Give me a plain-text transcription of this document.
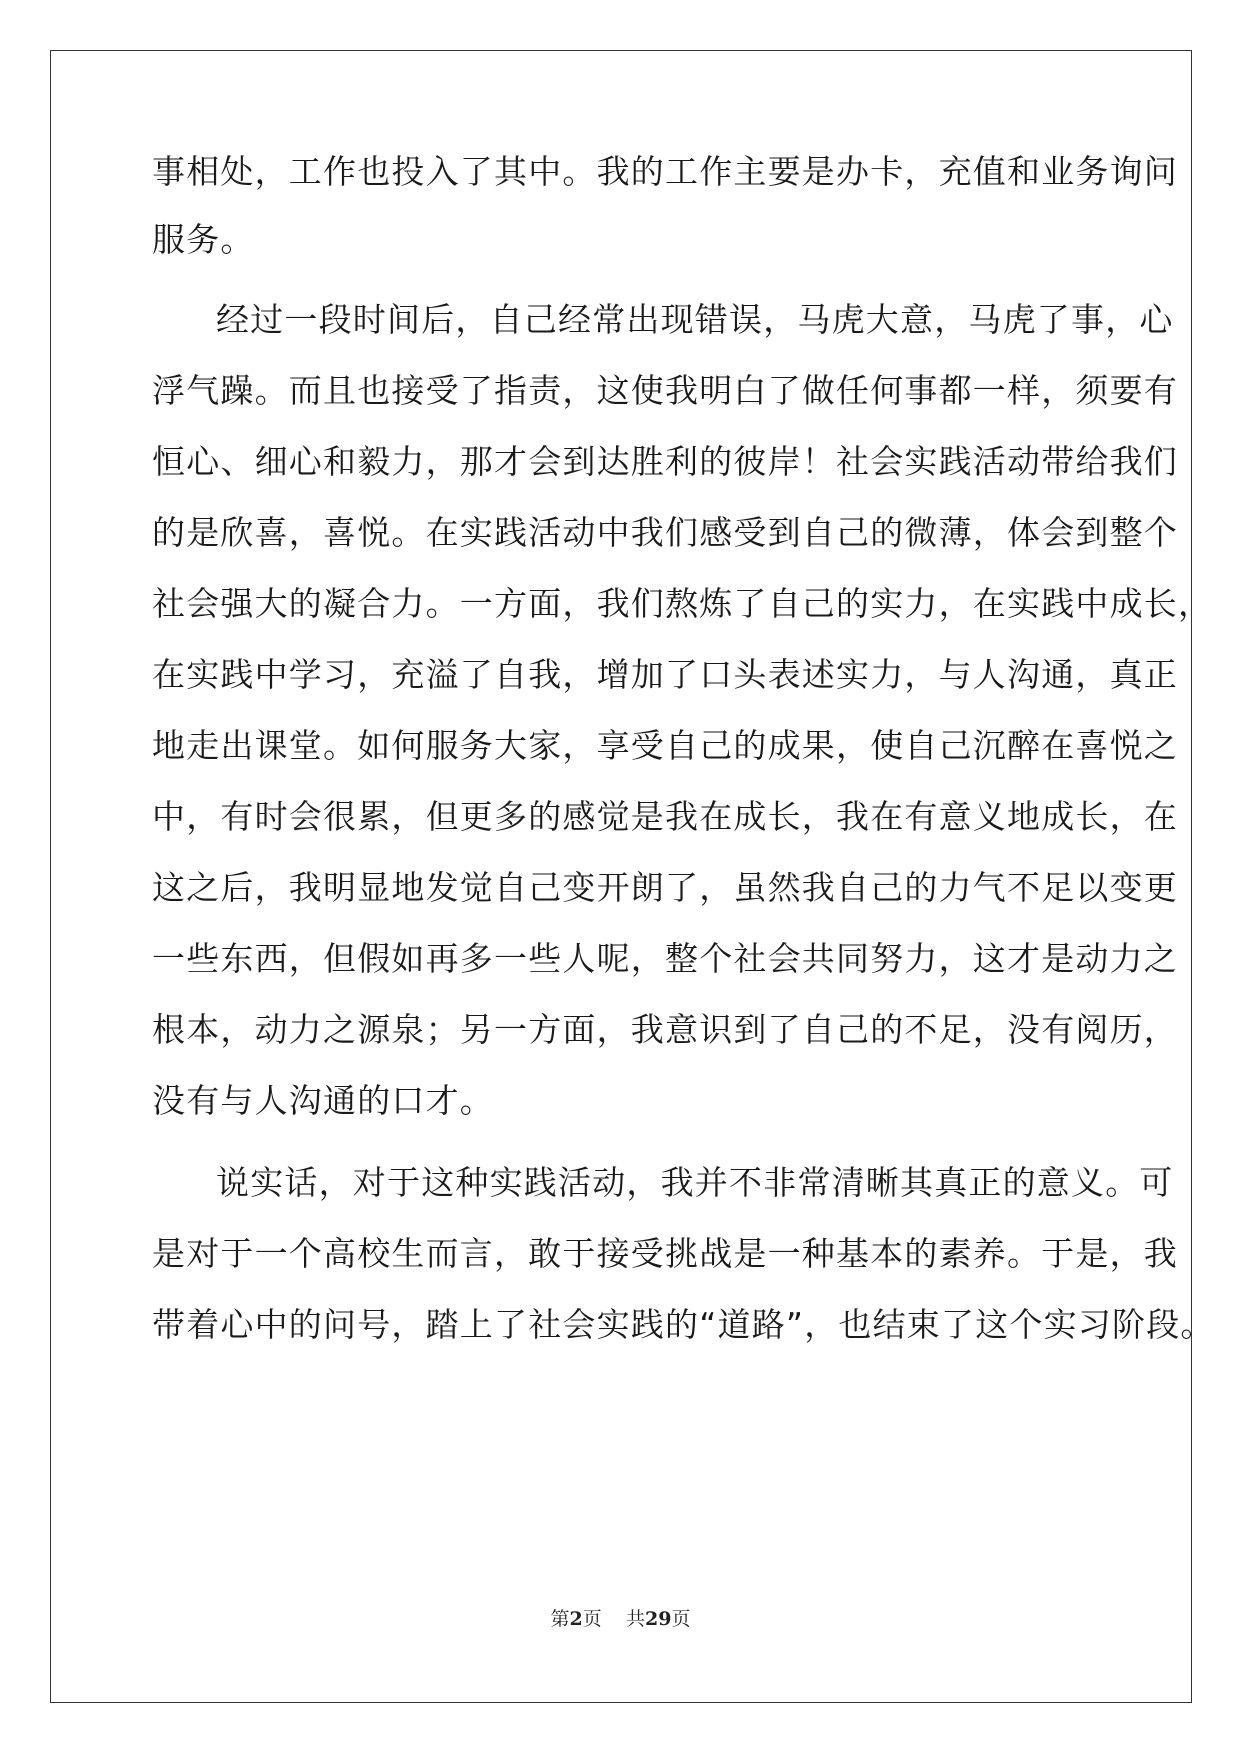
事相处，工作也投入了其中。我的工作主要是办卡，充值和业务询问
服务。
经过一段时间后，自己经常出现错误，马虎大意，马虎了事，心
浮气躁。而且也接受了指责，这使我明白了做任何事都一样，须要有
恒心、细心和毅力，那才会到达胜利的彼岸！社会实践活动带给我们
的是欣喜，喜悦。在实践活动中我们感受到自己的微薄，体会到整个
社会强大的凝合力。一方面，我们熬炼了自己的实力，在实践中成长，
在实践中学习，充溢了自我，增加了口头表述实力，与人沟通，真正
地走出课堂。如何服务大家，享受自己的成果，使自己沉醉在喜悦之
中，有时会很累，但更多的感觉是我在成长，我在有意义地成长，在
这之后，我明显地发觉自己变开朗了，虽然我自己的力气不足以变更
一些东西，但假如再多一些人呢，整个社会共同努力，这才是动力之
根本，动力之源泉；另一方面，我意识到了自己的不足，没有阅历，
没有与人沟通的口才。
说实话，对于这种实践活动，我并不非常清晰其真正的意义。可
是对于一个高校生而言，敢于接受挑战是一种基本的素养。于是，我
带着心中的问号，踏上了社会实践的“道路”，也结束了这个实习阶段。
第2页 共29页
